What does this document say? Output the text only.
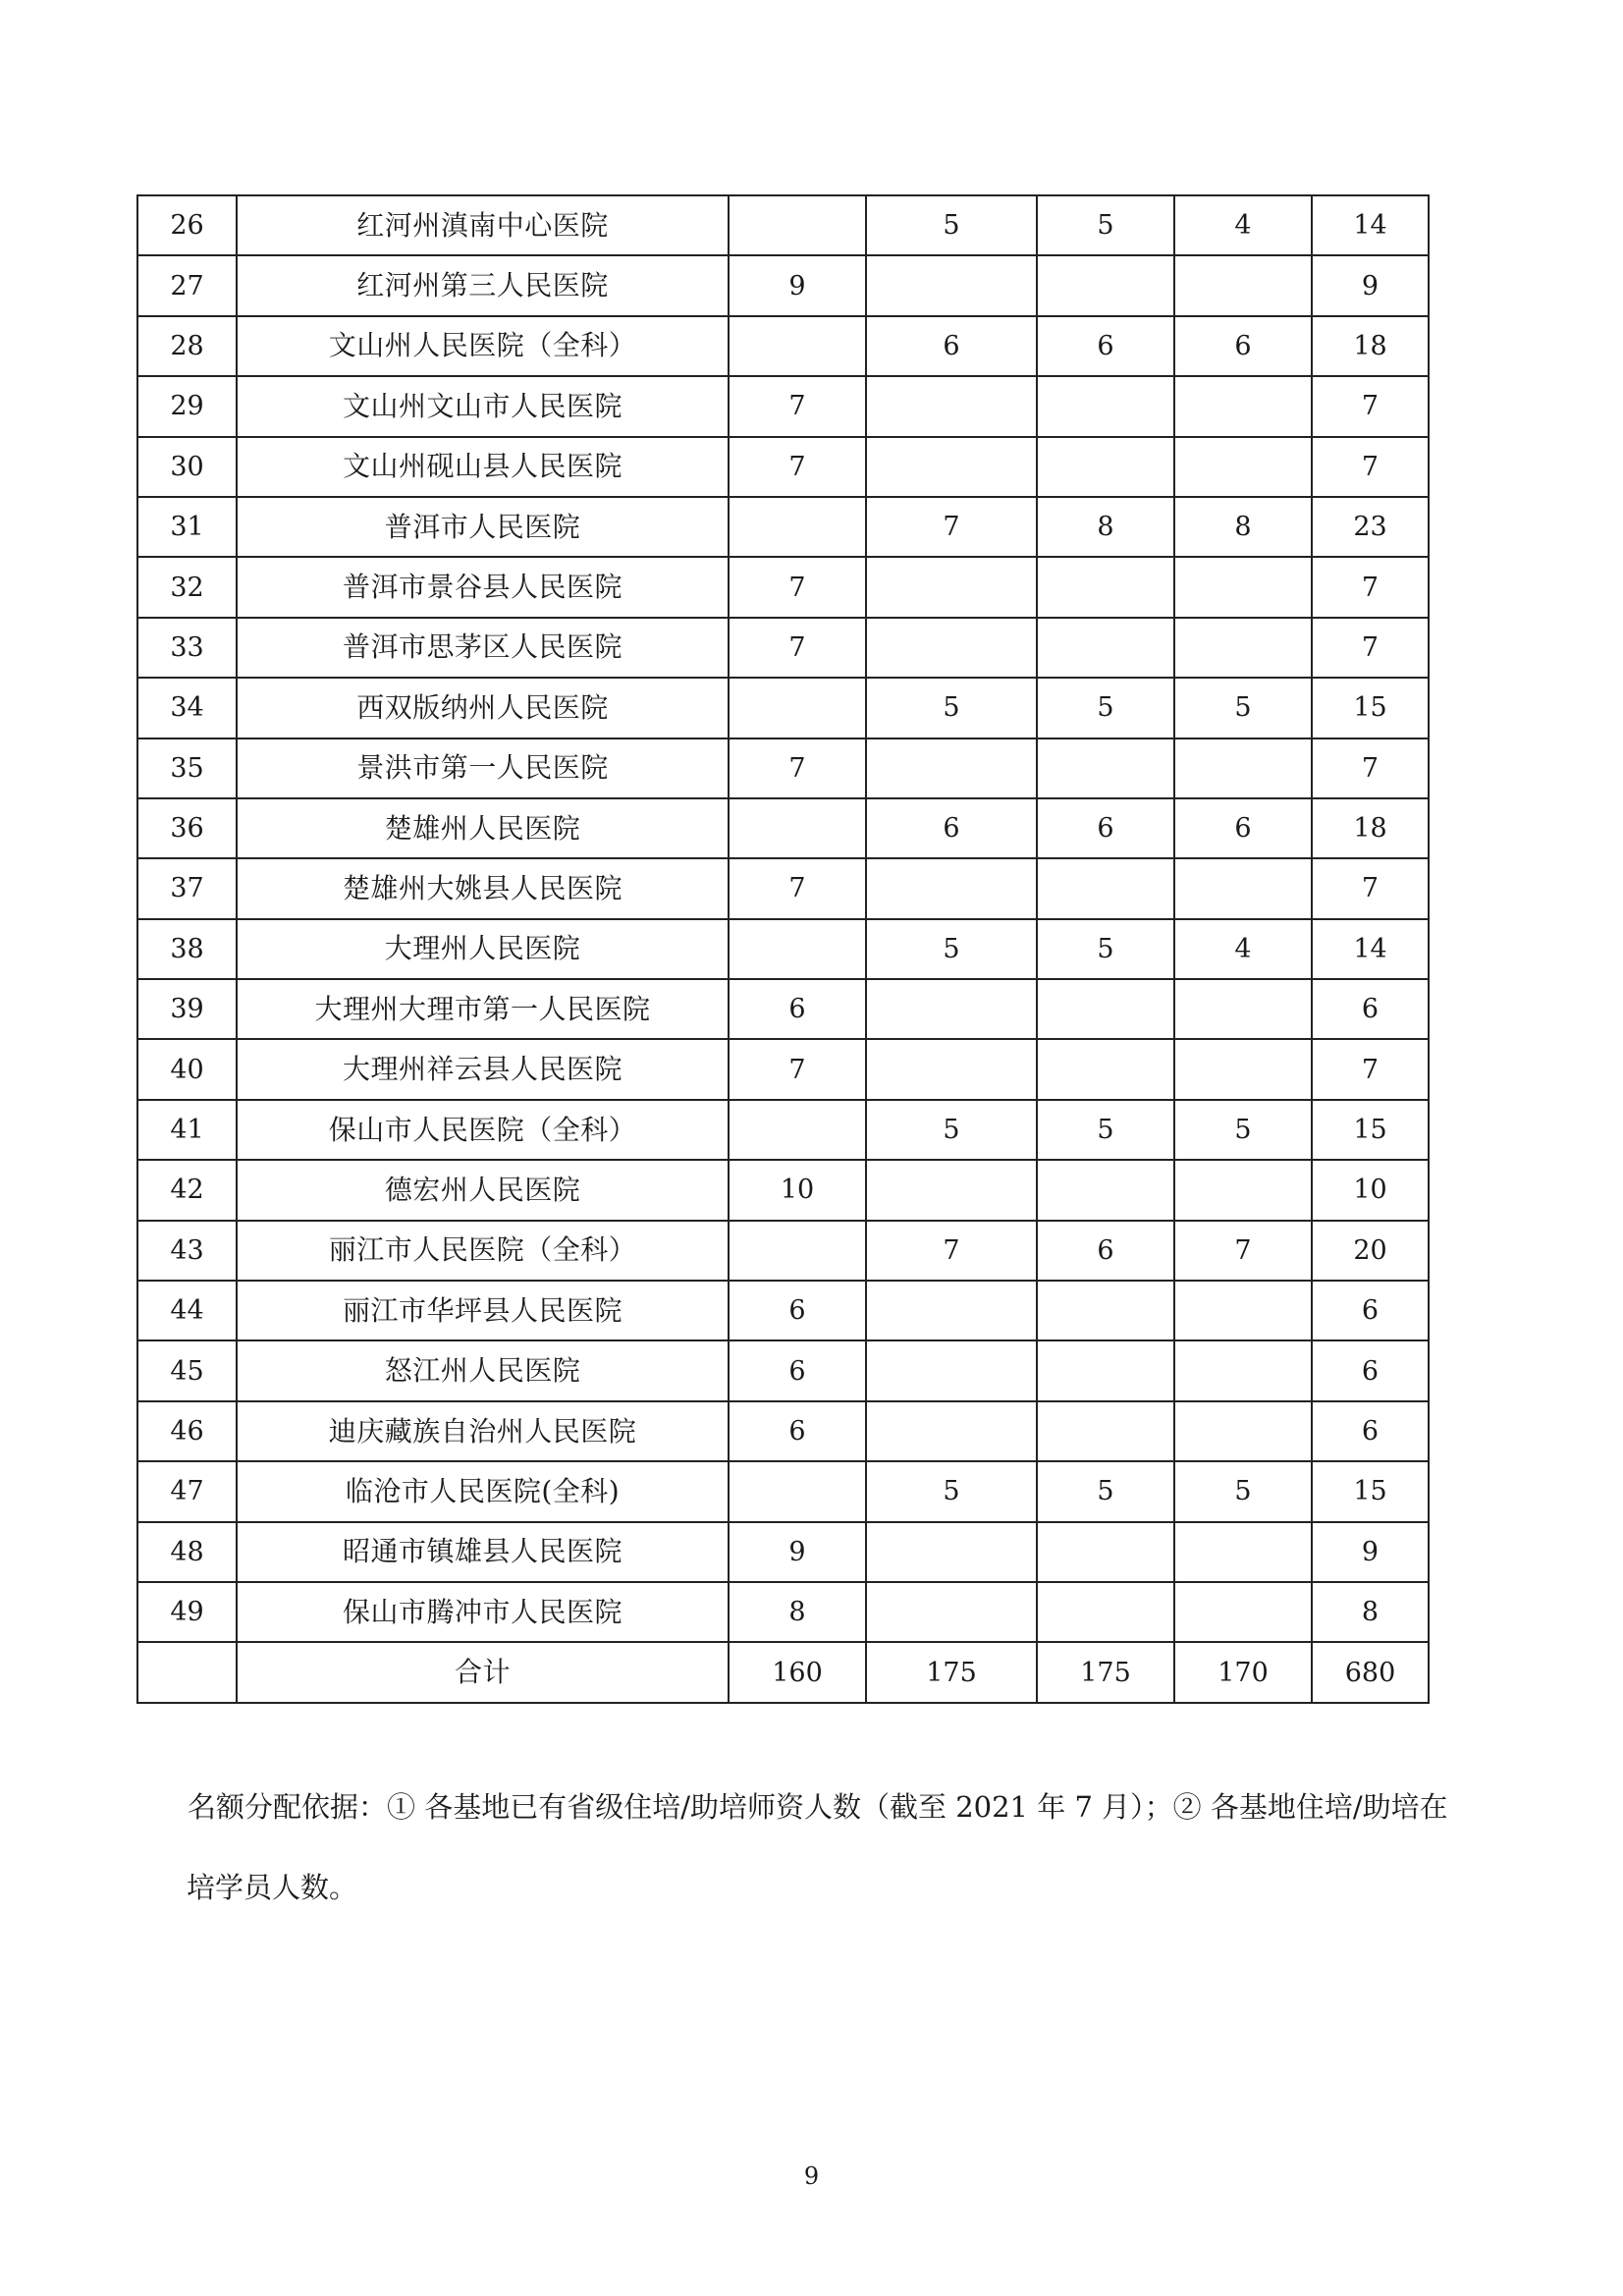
26	红河州滇南中心医院		5	5	4	14
27	红河州第三人民医院	9				9
28	文山州人民医院（全科）		6	6	6	18
29	文山州文山市人民医院	7				7
30	文山州砚山县人民医院	7				7
31	普洱市人民医院		7	8	8	23
32	普洱市景谷县人民医院	7				7
33	普洱市思茅区人民医院	7				7
34	西双版纳州人民医院		5	5	5	15
35	景洪市第一人民医院	7				7
36	楚雄州人民医院		6	6	6	18
37	楚雄州大姚县人民医院	7				7
38	大理州人民医院		5	5	4	14
39	大理州大理市第一人民医院	6				6
40	大理州祥云县人民医院	7				7
41	保山市人民医院（全科）		5	5	5	15
42	德宏州人民医院	10				10
43	丽江市人民医院（全科）		7	6	7	20
44	丽江市华坪县人民医院	6				6
45	怒江州人民医院	6				6
46	迪庆藏族自治州人民医院	6				6
47	临沧市人民医院(全科)		5	5	5	15
48	昭通市镇雄县人民医院	9				9
49	保山市腾冲市人民医院	8				8
	合计	160	175	175	170	680
名额分配依据：① 各基地已有省级住培/助培师资人数（截至 2021 年 7 月）；② 各基地住培/助培在
培学员人数。
9
